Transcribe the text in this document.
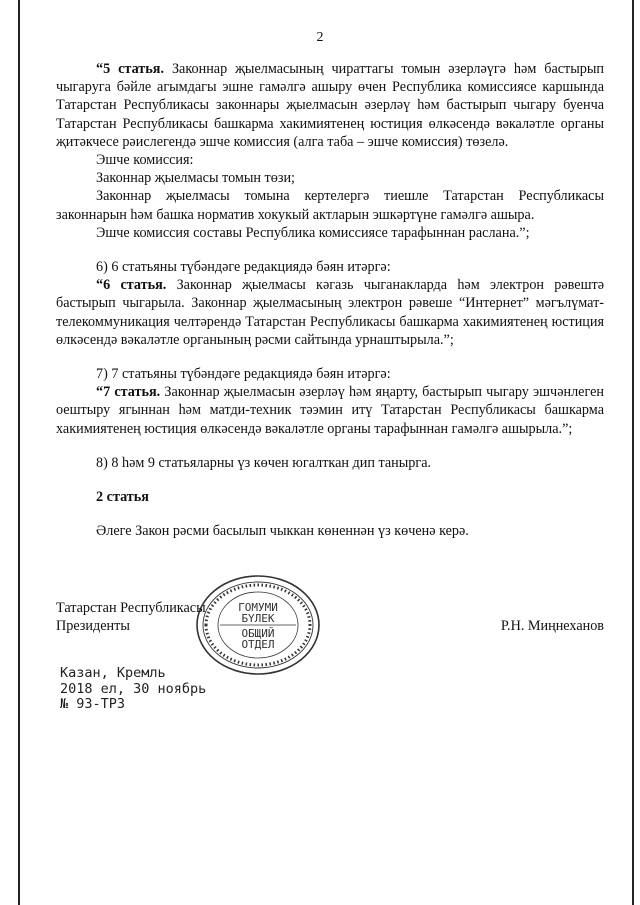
2

“5 статья. Законнар җыелмасының чираттагы томын әзерләүгә һәм бастырып чыгаруга бәйле агымдагы эшне гамәлгә ашыру өчен Республика комиссиясе каршында Татарстан Республикасы законнары җыелмасын әзерләү һәм бастырып чыгару буенча Татарстан Республикасы башкарма хакимиятенең юстиция өлкәсендә вәкаләтле органы җитәкчесе рәислегендә эшче комиссия (алга таба – эшче комиссия) төзелә.

Эшче комиссия:

Законнар җыелмасы томын төзи;

Законнар җыелмасы томына кертелергә тиешле Татарстан Республикасы законнарын һәм башка норматив хокукый актларын эшкәртүне гамәлгә ашыра.

Эшче комиссия составы Республика комиссиясе тарафыннан раслана.”;

6) 6 статьяны түбәндәге редакциядә бәян итәргә:

“6 статья. Законнар җыелмасы кәгазь чыганакларда һәм электрон рәвештә бастырып чыгарыла. Законнар җыелмасының электрон рәвеше “Интернет” мәгълүмат-телекоммуникация челтәрендә Татарстан Республикасы башкарма хакимиятенең юстиция өлкәсендә вәкаләтле органының рәсми сайтында урнаштырыла.”;

7) 7 статьяны түбәндәге редакциядә бәян итәргә:

“7 статья. Законнар җыелмасын әзерләү һәм яңарту, бастырып чыгару эшчәнлеген оештыру ягыннан һәм матди-техник тәэмин итү Татарстан Республикасы башкарма хакимиятенең юстиция өлкәсендә вәкаләтле органы тарафыннан гамәлгә ашырыла.”;

8) 8 һәм 9 статьяларны үз көчен югалткан дип танырга.

2 статья

Әлеге Закон рәсми басылып чыккан көненнән үз көченә керә.

ГОМУМИ
БҮЛЕК
ОБЩИЙ
ОТДЕЛ
Татарстан Республикасы
Президенты	Р.Н. Миңнеханов
Казан, Кремль
2018 ел, 30 ноябрь
№ 93-ТРЗ
